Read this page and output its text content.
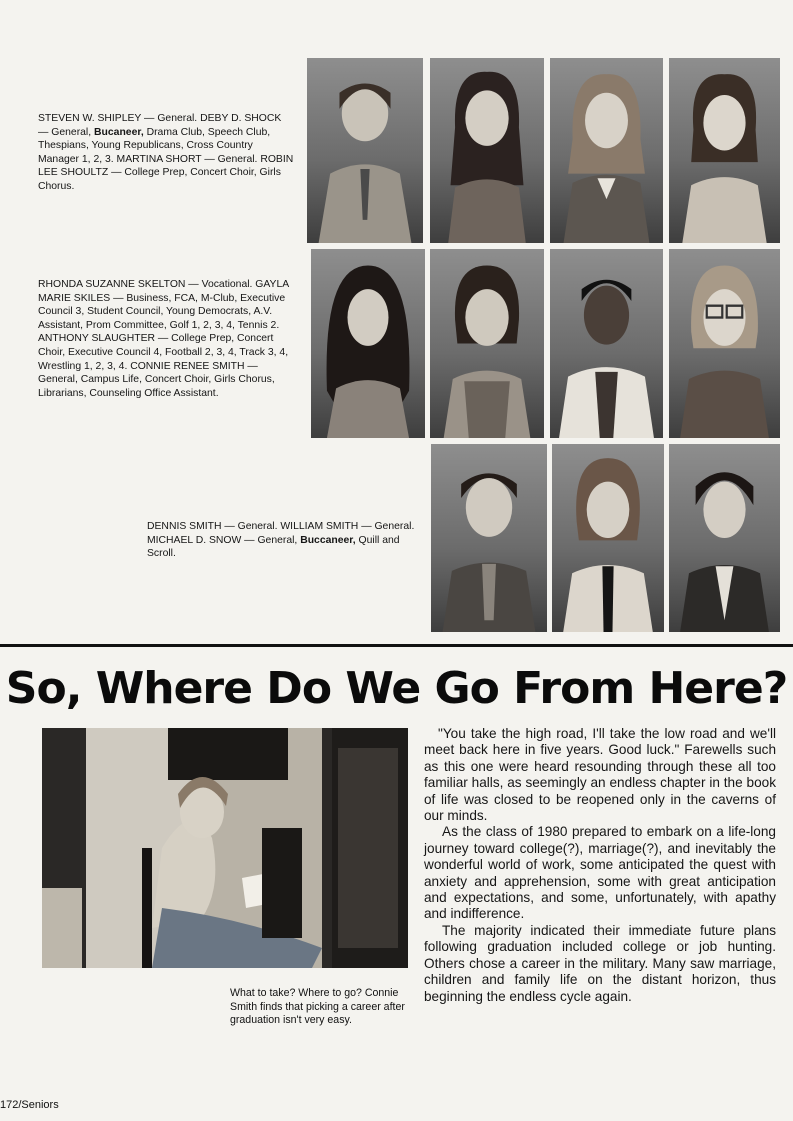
STEVEN W. SHIPLEY — General. DEBY D. SHOCK — General, Bucaneer, Drama Club, Speech Club, Thespians, Young Republicans, Cross Country Manager 1, 2, 3. MARTINA SHORT — General. ROBIN LEE SHOULTZ — College Prep, Concert Choir, Girls Chorus.
RHONDA SUZANNE SKELTON — Vocational. GAYLA MARIE SKILES — Business, FCA, M-Club, Executive Council 3, Student Council, Young Democrats, A.V. Assistant, Prom Committee, Golf 1, 2, 3, 4, Tennis 2. ANTHONY SLAUGHTER — College Prep, Concert Choir, Executive Council 4, Football 2, 3, 4, Track 3, 4, Wrestling 1, 2, 3, 4. CONNIE RENEE SMITH — General, Campus Life, Concert Choir, Girls Chorus, Librarians, Counseling Office Assistant.
DENNIS SMITH — General. WILLIAM SMITH — General. MICHAEL D. SNOW — General, Buccaneer, Quill and Scroll.
So, Where Do We Go From Here?
What to take? Where to go? Connie Smith finds that picking a career after graduation isn't very easy.

"You take the high road, I'll take the low road and we'll meet back here in five years. Good luck." Farewells such as this one were heard resounding through these all too familiar halls, as seemingly an endless chapter in the book of life was closed to be reopened only in the caverns of our minds.

As the class of 1980 prepared to embark on a life-long journey toward college(?), marriage(?), and inevitably the wonderful world of work, some anticipated the quest with anxiety and apprehension, some with great anticipation and expectations, and some, unfortunately, with apathy and indifference.

The majority indicated their immediate future plans following graduation included college or job hunting. Others chose a career in the military. Many saw marriage, children and family life on the distant horizon, thus beginning the endless cycle again.

172/Seniors
